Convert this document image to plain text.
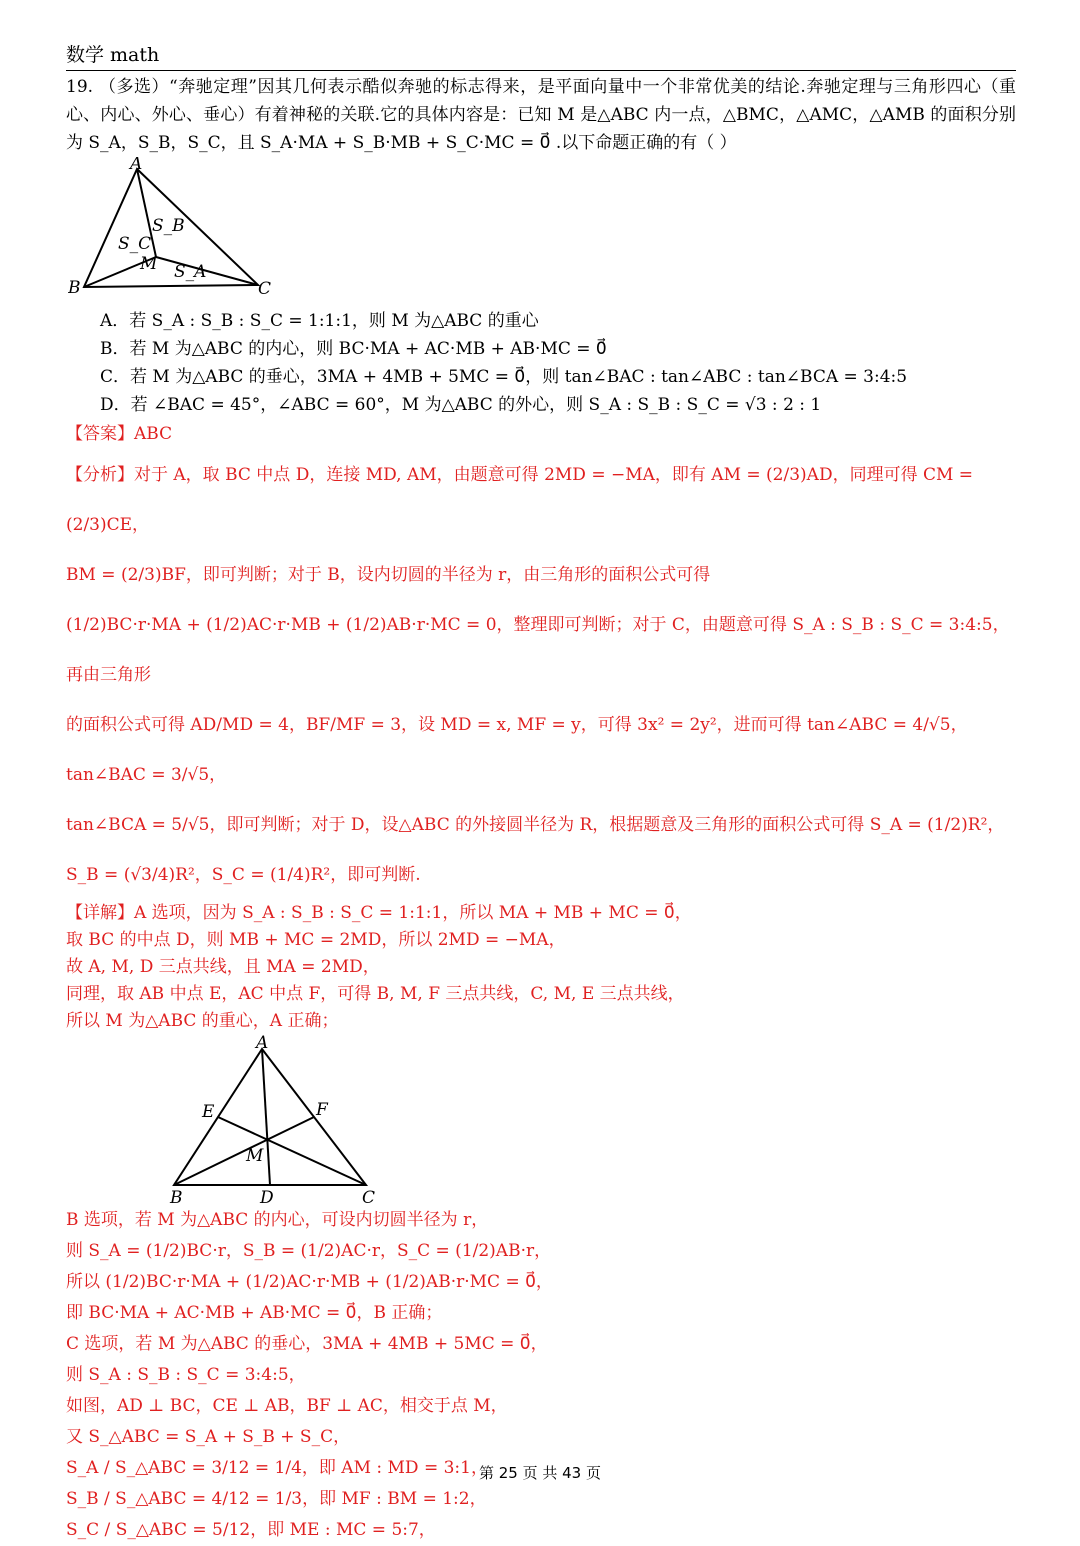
数学 math
19. （多选）“奔驰定理”因其几何表示酷似奔驰的标志得来，是平面向量中一个非常优美的结论.奔驰定理与三角形四心（重心、内心、外心、垂心）有着神秘的关联.它的具体内容是：已知 M 是△ABC 内一点，△BMC，△AMC，△AMB 的面积分别为 S_A，S_B，S_C，且 S_A·MA + S_B·MB + S_C·MC = 0⃗ .以下命题正确的有（ ）
A
B	C
M S_A
S_B
S_C
A．若 S_A : S_B : S_C = 1:1:1，则 M 为△ABC 的重心
B．若 M 为△ABC 的内心，则 BC·MA + AC·MB + AB·MC = 0⃗
C．若 M 为△ABC 的垂心，3MA + 4MB + 5MC = 0⃗，则 tan∠BAC : tan∠ABC : tan∠BCA = 3:4:5
D．若 ∠BAC = 45°，∠ABC = 60°，M 为△ABC 的外心，则 S_A : S_B : S_C = √3 : 2 : 1
【答案】ABC
【分析】对于 A，取 BC 中点 D，连接 MD, AM，由题意可得 2MD = −MA，即有 AM = (2/3)AD，同理可得 CM = (2/3)CE，
BM = (2/3)BF，即可判断；对于 B，设内切圆的半径为 r，由三角形的面积公式可得
(1/2)BC·r·MA + (1/2)AC·r·MB + (1/2)AB·r·MC = 0，整理即可判断；对于 C，由题意可得 S_A : S_B : S_C = 3:4:5，再由三角形
的面积公式可得 AD/MD = 4，BF/MF = 3，设 MD = x, MF = y，可得 3x² = 2y²，进而可得 tan∠ABC = 4/√5，tan∠BAC = 3/√5，
tan∠BCA = 5/√5，即可判断；对于 D，设△ABC 的外接圆半径为 R，根据题意及三角形的面积公式可得 S_A = (1/2)R²，
S_B = (√3/4)R²，S_C = (1/4)R²，即可判断.
【详解】A 选项，因为 S_A : S_B : S_C = 1:1:1，所以 MA + MB + MC = 0⃗，
取 BC 的中点 D，则 MB + MC = 2MD，所以 2MD = −MA，
故 A, M, D 三点共线，且 MA = 2MD，
同理，取 AB 中点 E，AC 中点 F，可得 B, M, F 三点共线，C, M, E 三点共线，
所以 M 为△ABC 的重心，A 正确；
A
B	C
D
E	F
M
B 选项，若 M 为△ABC 的内心，可设内切圆半径为 r，
则 S_A = (1/2)BC·r，S_B = (1/2)AC·r，S_C = (1/2)AB·r，
所以 (1/2)BC·r·MA + (1/2)AC·r·MB + (1/2)AB·r·MC = 0⃗，
即 BC·MA + AC·MB + AB·MC = 0⃗，B 正确；
C 选项，若 M 为△ABC 的垂心，3MA + 4MB + 5MC = 0⃗，
则 S_A : S_B : S_C = 3:4:5，
如图，AD ⊥ BC，CE ⊥ AB，BF ⊥ AC，相交于点 M，
又 S_△ABC = S_A + S_B + S_C，
S_A / S_△ABC = 3/12 = 1/4，即 AM : MD = 3:1，
S_B / S_△ABC = 4/12 = 1/3，即 MF : BM = 1:2，
S_C / S_△ABC = 5/12，即 ME : MC = 5:7，
第 25 页 共 43 页
